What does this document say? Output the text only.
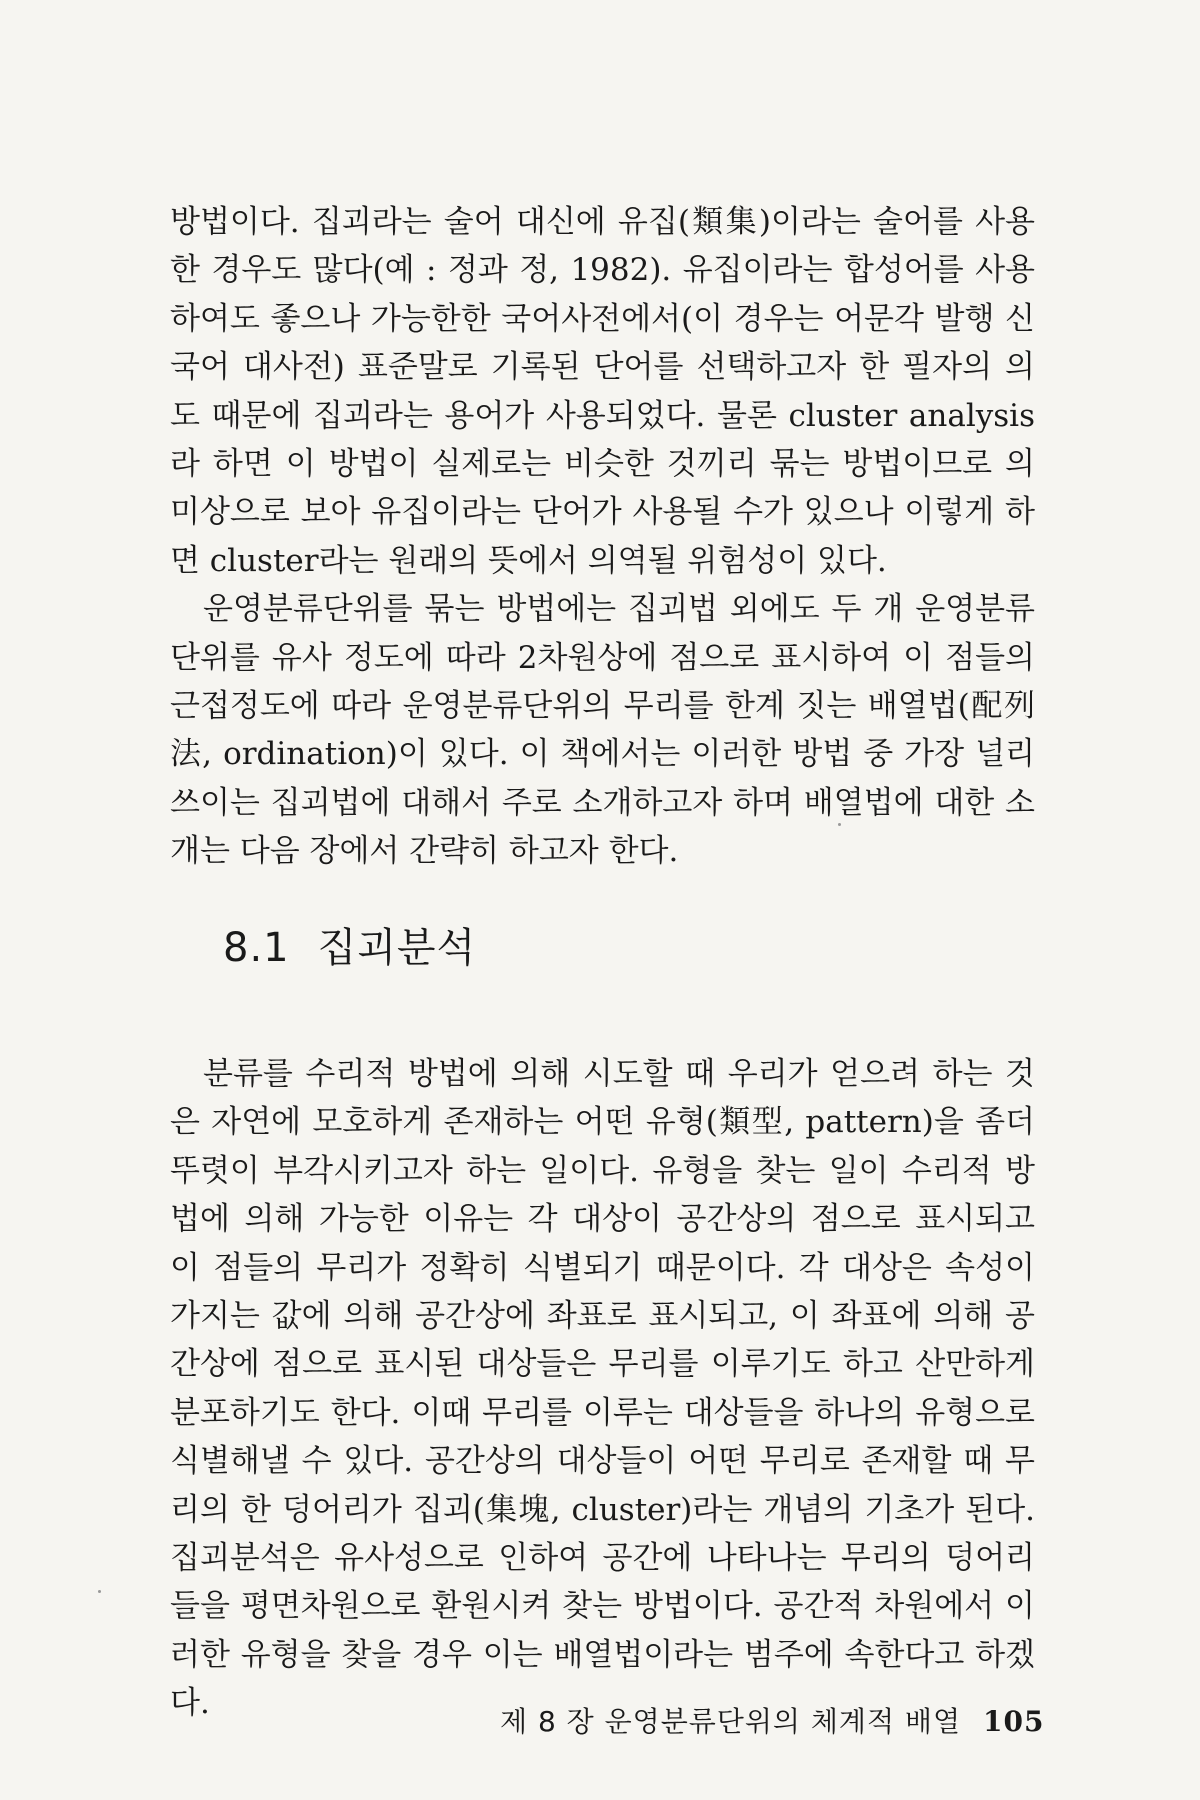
방법이다. 집괴라는 술어 대신에 유집(類集)이라는 술어를 사용한 경우도 많다(예 : 정과 정, 1982). 유집이라는 합성어를 사용하여도 좋으나 가능한한 국어사전에서(이 경우는 어문각 발행 신국어 대사전) 표준말로 기록된 단어를 선택하고자 한 필자의 의도 때문에 집괴라는 용어가 사용되었다. 물론 cluster analysis라 하면 이 방법이 실제로는 비슷한 것끼리 묶는 방법이므로 의미상으로 보아 유집이라는 단어가 사용될 수가 있으나 이렇게 하면 cluster라는 원래의 뜻에서 의역될 위험성이 있다.

운영분류단위를 묶는 방법에는 집괴법 외에도 두 개 운영분류단위를 유사 정도에 따라 2차원상에 점으로 표시하여 이 점들의 근접정도에 따라 운영분류단위의 무리를 한계 짓는 배열법(配列法, ordination)이 있다. 이 책에서는 이러한 방법 중 가장 널리 쓰이는 집괴법에 대해서 주로 소개하고자 하며 배열법에 대한 소개는 다음 장에서 간략히 하고자 한다.

8.1 집괴분석

분류를 수리적 방법에 의해 시도할 때 우리가 얻으려 하는 것은 자연에 모호하게 존재하는 어떤 유형(類型, pattern)을 좀더 뚜렷이 부각시키고자 하는 일이다. 유형을 찾는 일이 수리적 방법에 의해 가능한 이유는 각 대상이 공간상의 점으로 표시되고 이 점들의 무리가 정확히 식별되기 때문이다. 각 대상은 속성이 가지는 값에 의해 공간상에 좌표로 표시되고, 이 좌표에 의해 공간상에 점으로 표시된 대상들은 무리를 이루기도 하고 산만하게 분포하기도 한다. 이때 무리를 이루는 대상들을 하나의 유형으로 식별해낼 수 있다. 공간상의 대상들이 어떤 무리로 존재할 때 무리의 한 덩어리가 집괴(集塊, cluster)라는 개념의 기초가 된다. 집괴분석은 유사성으로 인하여 공간에 나타나는 무리의 덩어리들을 평면차원으로 환원시켜 찾는 방법이다. 공간적 차원에서 이러한 유형을 찾을 경우 이는 배열법이라는 범주에 속한다고 하겠다.

제 8 장 운영분류단위의 체계적 배열 105
